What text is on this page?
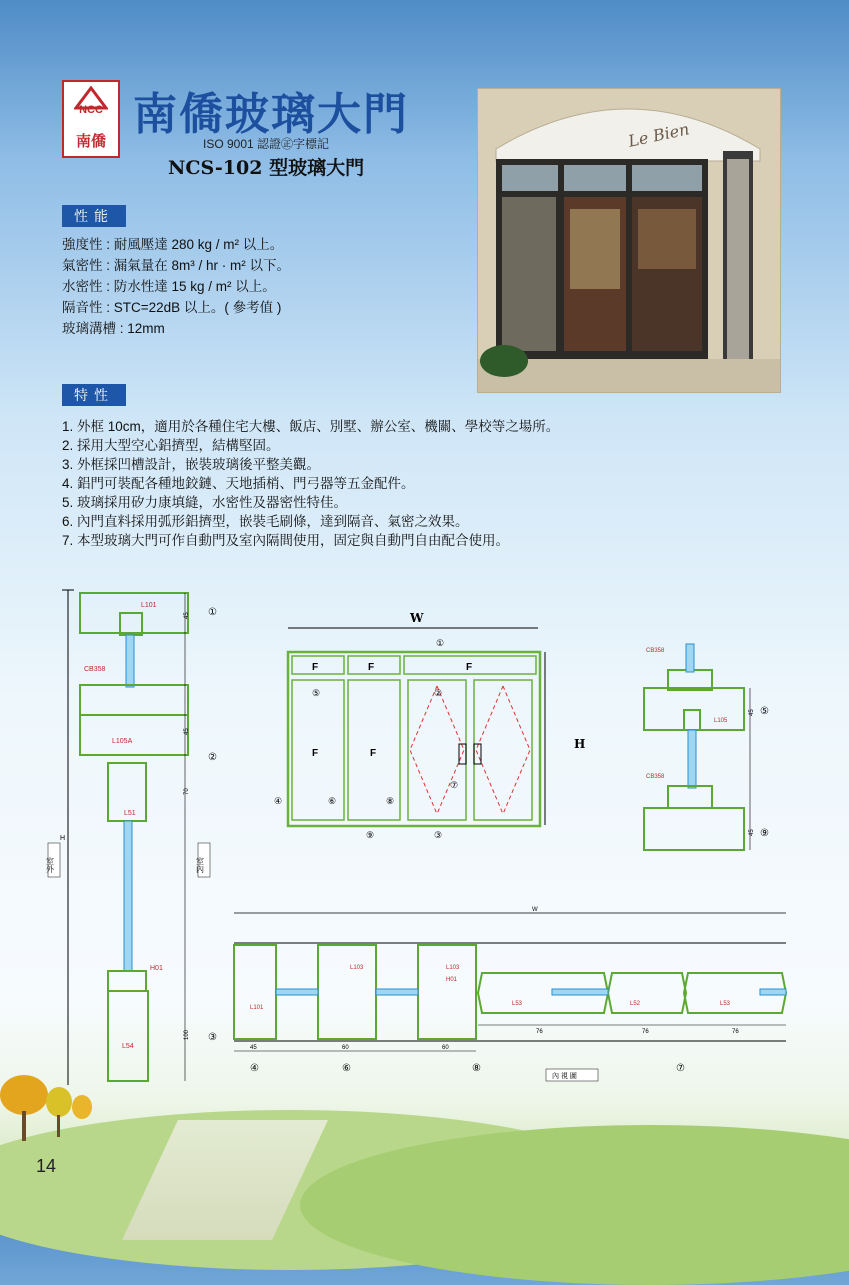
NCC
南僑
南僑玻璃大門
ISO 9001 認證㊣字標記
NCS-102 型玻璃大門
性能
強度性 : 耐風壓達 280 kg / m² 以上。
氣密性 : 漏氣量在 8m³ / hr · m² 以下。
水密性 : 防水性達 15 kg / m² 以上。
隔音性 : STC=22dB 以上。( 參考值 )
玻璃溝槽 : 12mm
Le Bien
特性
1. 外框 10cm，適用於各種住宅大樓、飯店、別墅、辦公室、機關、學校等之場所。
2. 採用大型空心鋁擠型，結構堅固。
3. 外框採凹槽設計，嵌裝玻璃後平整美觀。
4. 鋁門可裝配各種地鉸鏈、天地插梢、門弓器等五金配件。
5. 玻璃採用矽力康填縫，水密性及器密性特佳。
6. 內門直料採用弧形鋁擠型，嵌裝毛刷條，達到隔音、氣密之效果。
7. 本型玻璃大門可作自動門及室內隔間使用，固定與自動門自由配合使用。
H
L101
CB358
L105A
L51
H01
L54
45
45
70
100
①
②
③
室外	室內
W
H
F	F	F
F	F
①
⑤	②
⑦
④	⑥	⑧
⑨	③
CB358
L105
CB358
45
45
⑤
⑨
W
L103
L101
L103
H01
L53	L52	L53
45	60	60
76	76	76
④	⑥	⑧	⑦
內 視 圖
14
